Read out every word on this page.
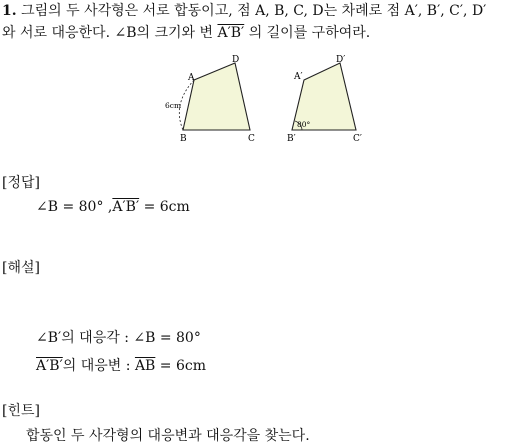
1. 그림의 두 사각형은 서로 합동이고, 점 A, B, C, D는 차례로 점 A′, B′, C′, D′
와 서로 대응한다. ∠B의 크기와 변 A′B′ 의 길이를 구하여라.
A
D
B	C
6cm
A′
D′
B′	C′
80°
[정답]
∠B = 80° ,A′B′ = 6cm
[해설]
∠B′의 대응각 : ∠B = 80°
A′B′의 대응변 : $\overline{AB} = 6cm$
[힌트]
합동인 두 사각형의 대응변과 대응각을 찾는다.
